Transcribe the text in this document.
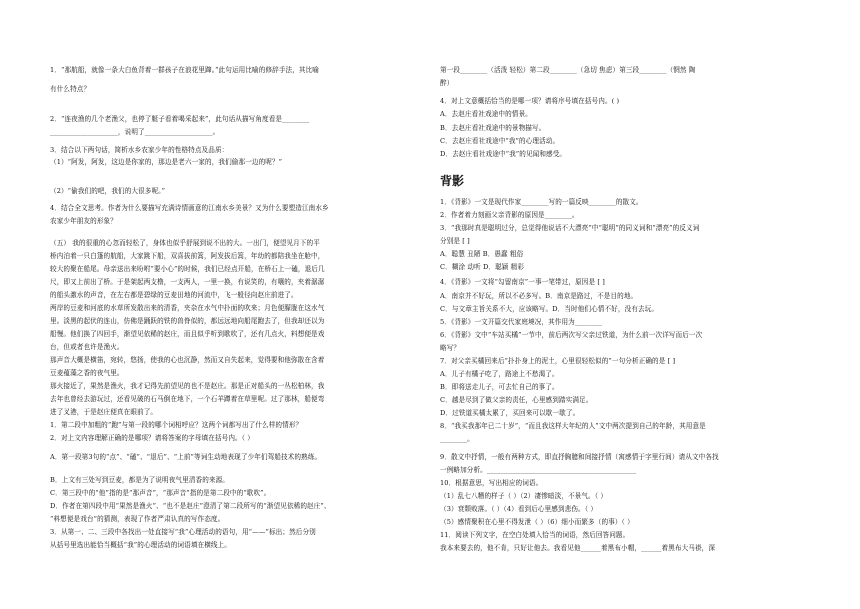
1．“那航船，就像一条大白鱼背着一群孩子在浪花里蹿。”此句运用比喻的修辞手法，其比喻
有什么特点？
2．“连夜渔的几个老渔父，也停了艇子看着喝采起来”，此句话从描写角度看是________
____________________，说明了____________________。
3．结合以下两句话，简析水乡农家少年的性格特点及品质：
（1）“阿发，阿发，这边是你家的，那边是老六一家的，我们偷那一边的呢？”
（2）“偷我们的吧，我们的大很多呢。”
4．结合全文思考。作者为什么要描写充满诗情画意的江南水乡美景？又为什么要塑造江南水乡
农家少年朋友的形象？
（五） 我的很重的心忽而轻松了，身体也似乎舒展到说不出的大。一出门，便望见月下的平
桥内泊着一只白篷的航船，大家跳下船，双喜拔前篙，阿发拔后篙，年幼的都陪我坐在舱中，
较大的聚在船尾。母亲送出来吩咐“要小心”的时候，我们已经点开船，在桥石上一磕，退后几
尺，即又上前出了桥。于是架起两支橹，一支两人，一里一换，有说笑的，有嚷的，夹着潺潺
的船头激水的声音，在左右都是碧绿的豆麦田地的河流中，飞一般径向赵庄前进了。
两岸的豆麦和河底的水草所发散出来的清香，夹杂在水气中扑面的吹来；月色便朦胧在这水气
里。淡黑的起伏的连山，仿佛是踊跃的铁的兽脊似的，都远远地向船尾跑去了，但我却还以为
船慢。他们换了四回手，渐望见依稀的赵庄，而且似乎听到歌吹了，还有几点火，料想便是戏
台，但或者也许是渔火。
那声音大概是横笛，宛转，悠扬，使我的心也沉静，然而又自失起来，觉得要和他弥散在含着
豆麦蕴藻之香的夜气里。
那火接近了，果然是渔火，我才记得先前望见的也不是赵庄。那是正对船头的一丛松柏林，我
去年也曾经去游玩过，还看见破的石马倒在地下，一个石羊蹲着在草里呢。过了那林，船便弯
进了叉港，于是赵庄便真在眼前了。
1．第二段中加粗的“跑”与第一段的哪个词相呼应？这两个词都写出了什么样的情形？
2．对上文内容理解正确的是哪项？请将答案的字母填在括号内。（ ）
A．第一段第3句的“点”、“磕”、“退后”、“上前”等词生动地表现了少年们驾船技术的熟练。
B．上文有三处写到豆麦，都是为了说明夜气里清香的来源。
C．第三段中的“他”指的是“那声音”，“那声音”指的是第二段中的“歌吹”。
D．作者在第四段中用“果然是渔火”、“也不是赵庄”澄清了第二段所写的“渐望见依稀的赵庄”、
“料想便是戏台”的猜测，表现了作者严肃认真的写作态度。
3．从第一、二、三段中各找出一处直接写“我”心理活动的语句，用“——”标出；然后分别
从括号里选出能恰当概括“我”的心理活动的词语填在横线上。
第一段________（活泼 轻松）第二段________（急切 焦虑）第三段________（惘然 陶
醉）
4．对上文意概括恰当的是哪一项？请将序号填在括号内。( )
A．去赵庄看社戏途中的情景。
B．去赵庄看社戏途中的景物描写。
C．去赵庄看社戏途中“我”的心理活动。
D．去赵庄看社戏途中“我”的见闻和感受。
背影
1．《背影》一文是现代作家________写的一篇反映________的散文。
2．作者着力刻画父亲背影的原因是________。
3．“我那时真是聪明过分，总觉得他说话不大漂亮”中“聪明”的同义词和“漂亮”的反义词
分别是 [ ]
A．聪慧 丑陋 B．愚蠢 粗俗
C．糊涂 动听 D．聪颖 精彩
4．《背影》一文将“勾留南京”一事一笔带过，原因是 [ ]
A．南京并不好玩，所以不必多写。B．南京是路过，不是目的地。
C．与文章主旨关系不大，应该略写。D．当时他们心情不好，没有去玩。
5．《背影》一文开篇交代家庭境况，其作用为________
6．《背影》文中“车站买橘”一节中，前后两次写父亲过铁道，为什么前一次详写而后一次
略写？
7．对父亲买橘回来后“扑扑身上的泥土，心里很轻松似的”一句分析正确的是 [ ]
A．儿子有橘子吃了，路途上不愁渴了。
B．即将送走儿子，可去忙自己的事了。
C．越是尽到了做父亲的责任，心里感到踏实满足。
D．过铁道买橘太累了，买回来可以歇一歇了。
8．“我买我那年已二十岁”，“而且我这样大年纪的人”文中两次提到自己的年龄，其用意是
________。
9．散文中抒情，一般有两种方式，即直抒胸臆和间接抒情（寓感情于字里行间）请从文中各找
一例略加分析。____________________________________________
10．根据意思，写出相应的词语。
（1）乱七八糟的样子（ ）（2）凄惨暗淡，不景气。（ ）
（3）衰颓败落。（ ）（4）看到后心里感到悲伤。（ ）
（5）感情聚积在心里不得发泄（ ）（6）细小而繁多（的事）（ ）
11．阅读下列文字，在空白处填入恰当的词语，然后回答问题。
我本来要去的，他不肯，只好让他去。我看见他______着黑布小帽，______着黑布大马褂，深
